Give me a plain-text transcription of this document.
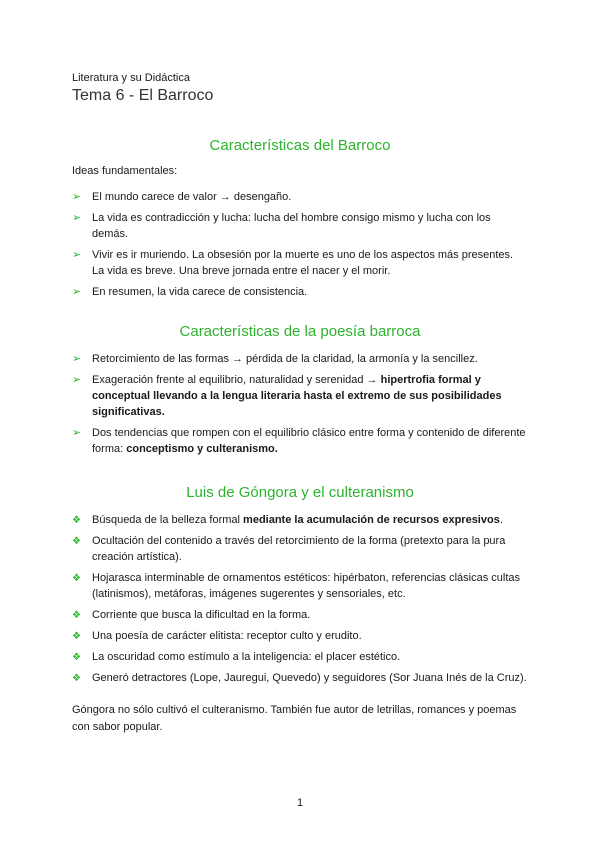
Literatura y su Didáctica
Tema 6 - El Barroco
Características del Barroco

Ideas fundamentales:

➢ El mundo carece de valor → desengaño.
➢ La vida es contradicción y lucha: lucha del hombre consigo mismo y lucha con los demás.
➢ Vivir es ir muriendo. La obsesión por la muerte es uno de los aspectos más presentes. La vida es breve. Una breve jornada entre el nacer y el morir.
➢ En resumen, la vida carece de consistencia.
Características de la poesía barroca
➢ Retorcimiento de las formas → pérdida de la claridad, la armonía y la sencillez.
➢ Exageración frente al equilibrio, naturalidad y serenidad → hipertrofia formal y conceptual llevando a la lengua literaria hasta el extremo de sus posibilidades significativas.
➢ Dos tendencias que rompen con el equilibrio clásico entre forma y contenido de diferente forma: conceptismo y culteranismo.
Luis de Góngora y el culteranismo
❖ Búsqueda de la belleza formal mediante la acumulación de recursos expresivos.
❖ Ocultación del contenido a través del retorcimiento de la forma (pretexto para la pura creación artística).
❖ Hojarasca interminable de ornamentos estéticos: hipérbaton, referencias clásicas cultas (latinismos), metáforas, imágenes sugerentes y sensoriales, etc.
❖ Corriente que busca la dificultad en la forma.
❖ Una poesía de carácter elitista: receptor culto y erudito.
❖ La oscuridad como estímulo a la inteligencia: el placer estético.
❖ Generó detractores (Lope, Jauregui, Quevedo) y seguidores (Sor Juana Inés de la Cruz).

Góngora no sólo cultivó el culteranismo. También fue autor de letrillas, romances y poemas con sabor popular.

1
